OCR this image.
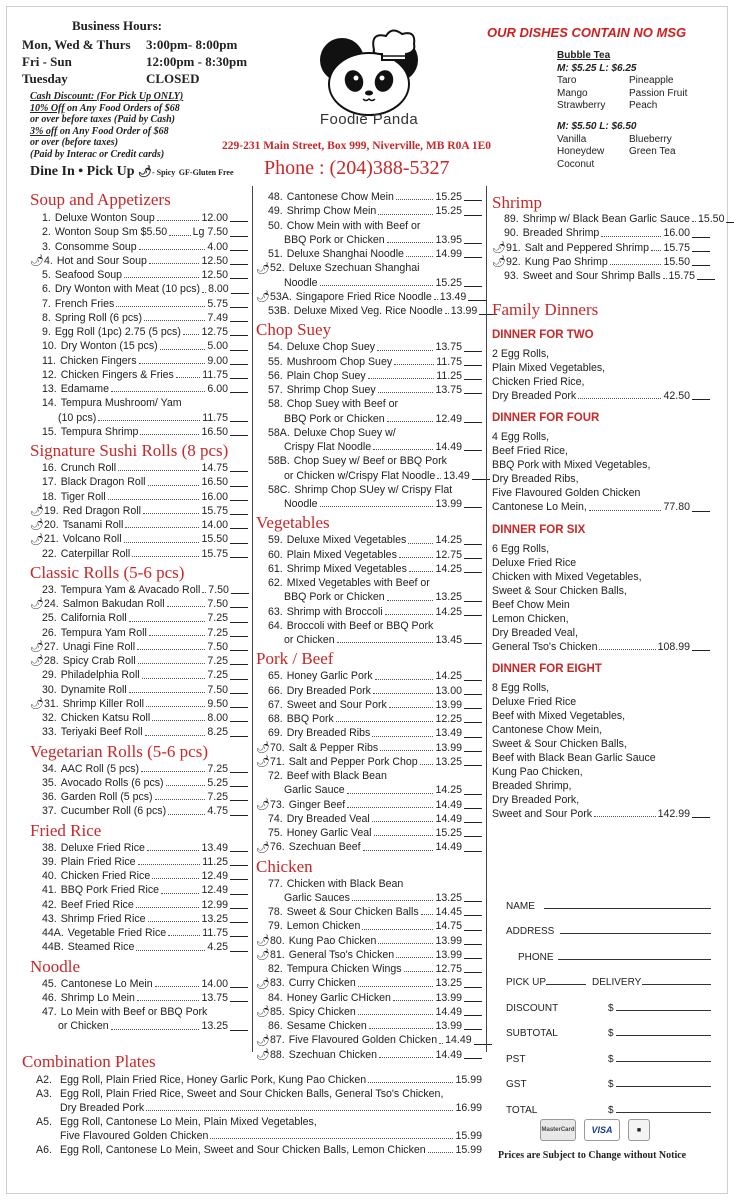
Business Hours:
Mon, Wed & Thurs	3:00pm- 8:00pm
Fri - Sun	12:00pm - 8:30pm
Tuesday	CLOSED
Cash Discount: (For Pick Up ONLY)
10% Off on Any Food Orders of $68
or over before taxes (Paid by Cash)
3% off on Any Food Order of $68
or over (before taxes)
(Paid by Interac or Credit cards)
Dine In • Pick Up 🌶︎- Spicy GF-Gluten Free
Foodie Panda
229-231 Main Street, Box 999, Niverville, MB R0A 1E0
Phone : (204)388-5327
OUR DISHES CONTAIN NO MSG
Bubble Tea
M: $5.25 L: $6.25
Taro	Pineapple
Mango	Passion Fruit
Strawberry	Peach
M: $5.50 L: $6.50
Vanilla	Blueberry
Honeydew	Green Tea
Coconut
Soup and Appetizers
1. Deluxe Wonton Soup	12.00
2. Wonton Soup Sm $5.50 Lg 7.50
3. Consomme Soup	4.00
🌶︎ 4. Hot and Sour Soup	12.50
5. Seafood Soup	12.50
6. Dry Wonton with Meat (10 pcs) 8.00
7. French Fries	5.75
8. Spring Roll (6 pcs)	7.49
9. Egg Roll (1pc) 2.75 (5 pcs) 12.75
10. Dry Wonton (15 pcs)	5.00
11. Chicken Fingers	9.00
12. Chicken Fingers & Fries	11.75
13. Edamame	6.00
14. Tempura Mushroom/ Yam
(10 pcs)	11.75
15. Tempura Shrimp	16.50
Signature Sushi Rolls (8 pcs)
16. Crunch Roll	14.75
17. Black Dragon Roll	16.50
18. Tiger Roll	16.00
🌶︎ 19. Red Dragon Roll	15.75
🌶︎ 20. Tsanami Roll	14.00
🌶︎ 21. Volcano Roll	15.50
22. Caterpillar Roll	15.75
Classic Rolls (5-6 pcs)
23. Tempura Yam & Avacado Roll 7.50
🌶︎ 24. Salmon Bakudan Roll	7.50
25. California Roll	7.25
26. Tempura Yam Roll	7.25
🌶︎ 27. Unagi Fine Roll	7.50
🌶︎ 28. Spicy Crab Roll	7.25
29. Philadelphia Roll	7.25
30. Dynamite Roll	7.50
🌶︎ 31. Shrimp Killer Roll	9.50
32. Chicken Katsu Roll	8.00
33. Teriyaki Beef Roll	8.25
Vegetarian Rolls (5-6 pcs)
34. AAC Roll (5 pcs)	7.25
35. Avocado Rolls (6 pcs)	5.25
36. Garden Roll (5 pcs)	7.25
37. Cucumber Roll (6 pcs)	4.75
Fried Rice
38. Deluxe Fried Rice	13.49
39. Plain Fried Rice	11.25
40. Chicken Fried Rice	12.49
41. BBQ Pork Fried Rice	12.49
42. Beef Fried Rice	12.99
43. Shrimp Fried Rice	13.25
44A. Vegetable Fried Rice	11.75
44B. Steamed Rice	4.25
Noodle
45. Cantonese Lo Mein	14.00
46. Shrimp Lo Mein	13.75
47. Lo Mein with Beef or BBQ Pork
or Chicken	13.25
48. Cantonese Chow Mein	15.25
49. Shrimp Chow Mein	15.25
50. Chow Mein with with Beef or
BBQ Pork or Chicken	13.95
51. Deluxe Shanghai Noodle	14.99
🌶︎ 52. Deluxe Szechuan Shanghai
Noodle	15.25
🌶︎ 53A. Singapore Fried Rice Noodle 13.49
53B. Deluxe Mixed Veg. Rice Noodle 13.99
Chop Suey
54. Deluxe Chop Suey	13.75
55. Mushroom Chop Suey	11.75
56. Plain Chop Suey	11.25
57. Shrimp Chop Suey	13.75
58. Chop Suey with Beef or
BBQ Pork or Chicken	12.49
58A. Deluxe Chop Suey w/
Crispy Flat Noodle	14.49
58B. Chop Suey w/ Beef or BBQ Pork
or Chicken w/Crispy Flat Noodle 13.49
58C. Shrimp Chop SUey w/ Crispy Flat
Noodle	13.99
Vegetables
59. Deluxe Mixed Vegetables	14.25
60. Plain Mixed Vegetables	12.75
61. Shrimp Mixed Vegetables	14.25
62. MIxed Vegetables with Beef or
BBQ Pork or Chicken	13.25
63. Shrimp with Broccoli	14.25
64. Broccoli with Beef or BBQ Pork
or Chicken	13.45
Pork / Beef
65. Honey Garlic Pork	14.25
66. Dry Breaded Pork	13.00
67. Sweet and Sour Pork	13.99
68. BBQ Pork	12.25
69. Dry Breaded Ribs	13.49
🌶︎ 70. Salt & Pepper Ribs	13.99
🌶︎ 71. Salt and Pepper Pork Chop 13.25
72. Beef with Black Bean
Garlic Sauce	14.25
🌶︎ 73. Ginger Beef	14.49
74. Dry Breaded Veal	14.49
75. Honey Garlic Veal	15.25
🌶︎ 76. Szechuan Beef	14.49
Chicken
77. Chicken with Black Bean
Garlic Sauces	13.25
78. Sweet & Sour Chicken Balls 14.45
79. Lemon Chicken	14.75
🌶︎ 80. Kung Pao Chicken	13.99
🌶︎ 81. General Tso's Chicken	13.99
82. Tempura Chicken Wings	12.75
🌶︎ 83. Curry Chicken	13.25
84. Honey Garlic CHicken	13.99
🌶︎ 85. Spicy Chicken	14.49
86. Sesame Chicken	13.99
🌶︎ 87. Five Flavoured Golden Chicken 14.49
🌶︎ 88. Szechuan Chicken	14.49
Shrimp
89. Shrimp w/ Black Bean Garlic Sauce 15.50
90. Breaded Shrimp	16.00
🌶︎ 91. Salt and Peppered Shrimp 15.75
🌶︎ 92. Kung Pao Shrimp	15.50
93. Sweet and Sour Shrimp Balls 15.75
Family Dinners
DINNER FOR TWO
2 Egg Rolls,
Plain Mixed Vegetables,
Chicken Fried Rice,
Dry Breaded Pork	42.50
DINNER FOR FOUR
4 Egg Rolls,
Beef Fried Rice,
BBQ Pork with Mixed Vegetables,
Dry Breaded Ribs,
Five Flavoured Golden Chicken
Cantonese Lo Mein,	77.80
DINNER FOR SIX
6 Egg Rolls,
Deluxe Fried Rice
Chicken with Mixed Vegetables,
Sweet & Sour Chicken Balls,
Beef Chow Mein
Lemon Chicken,
Dry Breaded Veal,
General Tso's Chicken	108.99
DINNER FOR EIGHT
8 Egg Rolls,
Deluxe Fried Rice
Beef with Mixed Vegetables,
Cantonese Chow Mein,
Sweet & Sour Chicken Balls,
Beef with Black Bean Garlic Sauce
Kung Pao Chicken,
Breaded Shrimp,
Dry Breaded Pork,
Sweet and Sour Pork	142.99
NAME
ADDRESS
PHONE
PICK UP	DELIVERY
DISCOUNT	$
SUBTOTAL	$
PST	$
GST	$
TOTAL	$
Combination Plates
A2. Egg Roll, Plain Fried Rice, Honey Garlic Pork, Kung Pao Chicken	15.99
A3. Egg Roll, Plain Fried Rice, Sweet and Sour Chicken Balls, General Tso's Chicken,
Dry Breaded Pork	16.99
A5. Egg Roll, Cantonese Lo Mein, Plain Mixed Vegetables,
Five Flavoured Golden Chicken	15.99
A6. Egg Roll, Cantonese Lo Mein, Sweet and Sour Chicken Balls, Lemon Chicken	15.99
MasterCard VISA	■
Prices are Subject to Change without Notice
